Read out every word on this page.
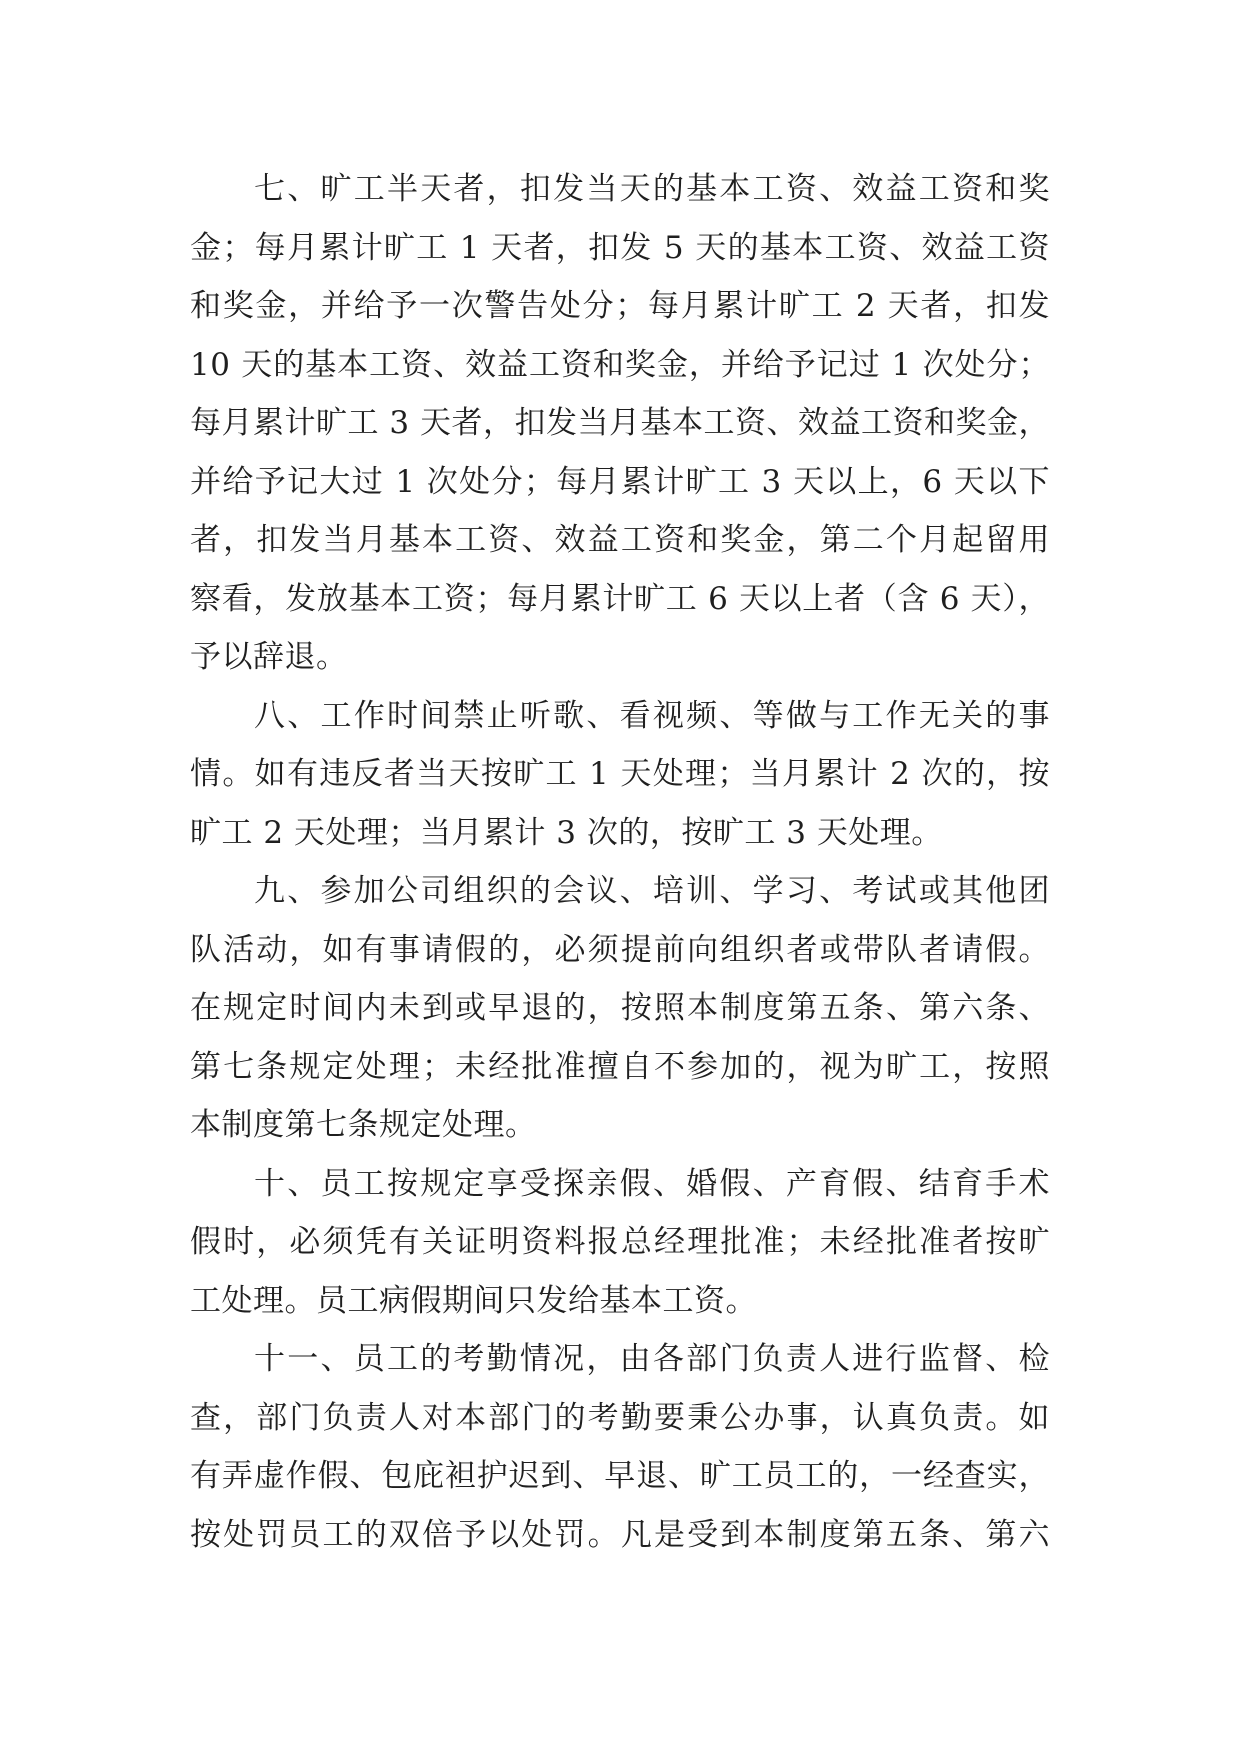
七、旷工半天者，扣发当天的基本工资、效益工资和奖
金；每月累计旷工 1 天者，扣发 5 天的基本工资、效益工资
和奖金，并给予一次警告处分；每月累计旷工 2 天者，扣发
10 天的基本工资、效益工资和奖金，并给予记过 1 次处分；
每月累计旷工 3 天者，扣发当月基本工资、效益工资和奖金，
并给予记大过 1 次处分；每月累计旷工 3 天以上，6 天以下
者，扣发当月基本工资、效益工资和奖金，第二个月起留用
察看，发放基本工资；每月累计旷工 6 天以上者（含 6 天），
予以辞退。
八、工作时间禁止听歌、看视频、等做与工作无关的事
情。如有违反者当天按旷工 1 天处理；当月累计 2 次的，按
旷工 2 天处理；当月累计 3 次的，按旷工 3 天处理。
九、参加公司组织的会议、培训、学习、考试或其他团
队活动，如有事请假的，必须提前向组织者或带队者请假。
在规定时间内未到或早退的，按照本制度第五条、第六条、
第七条规定处理；未经批准擅自不参加的，视为旷工，按照
本制度第七条规定处理。
十、员工按规定享受探亲假、婚假、产育假、结育手术
假时，必须凭有关证明资料报总经理批准；未经批准者按旷
工处理。员工病假期间只发给基本工资。
十一、员工的考勤情况，由各部门负责人进行监督、检
查，部门负责人对本部门的考勤要秉公办事，认真负责。如
有弄虚作假、包庇袒护迟到、早退、旷工员工的，一经查实，
按处罚员工的双倍予以处罚。凡是受到本制度第五条、第六
